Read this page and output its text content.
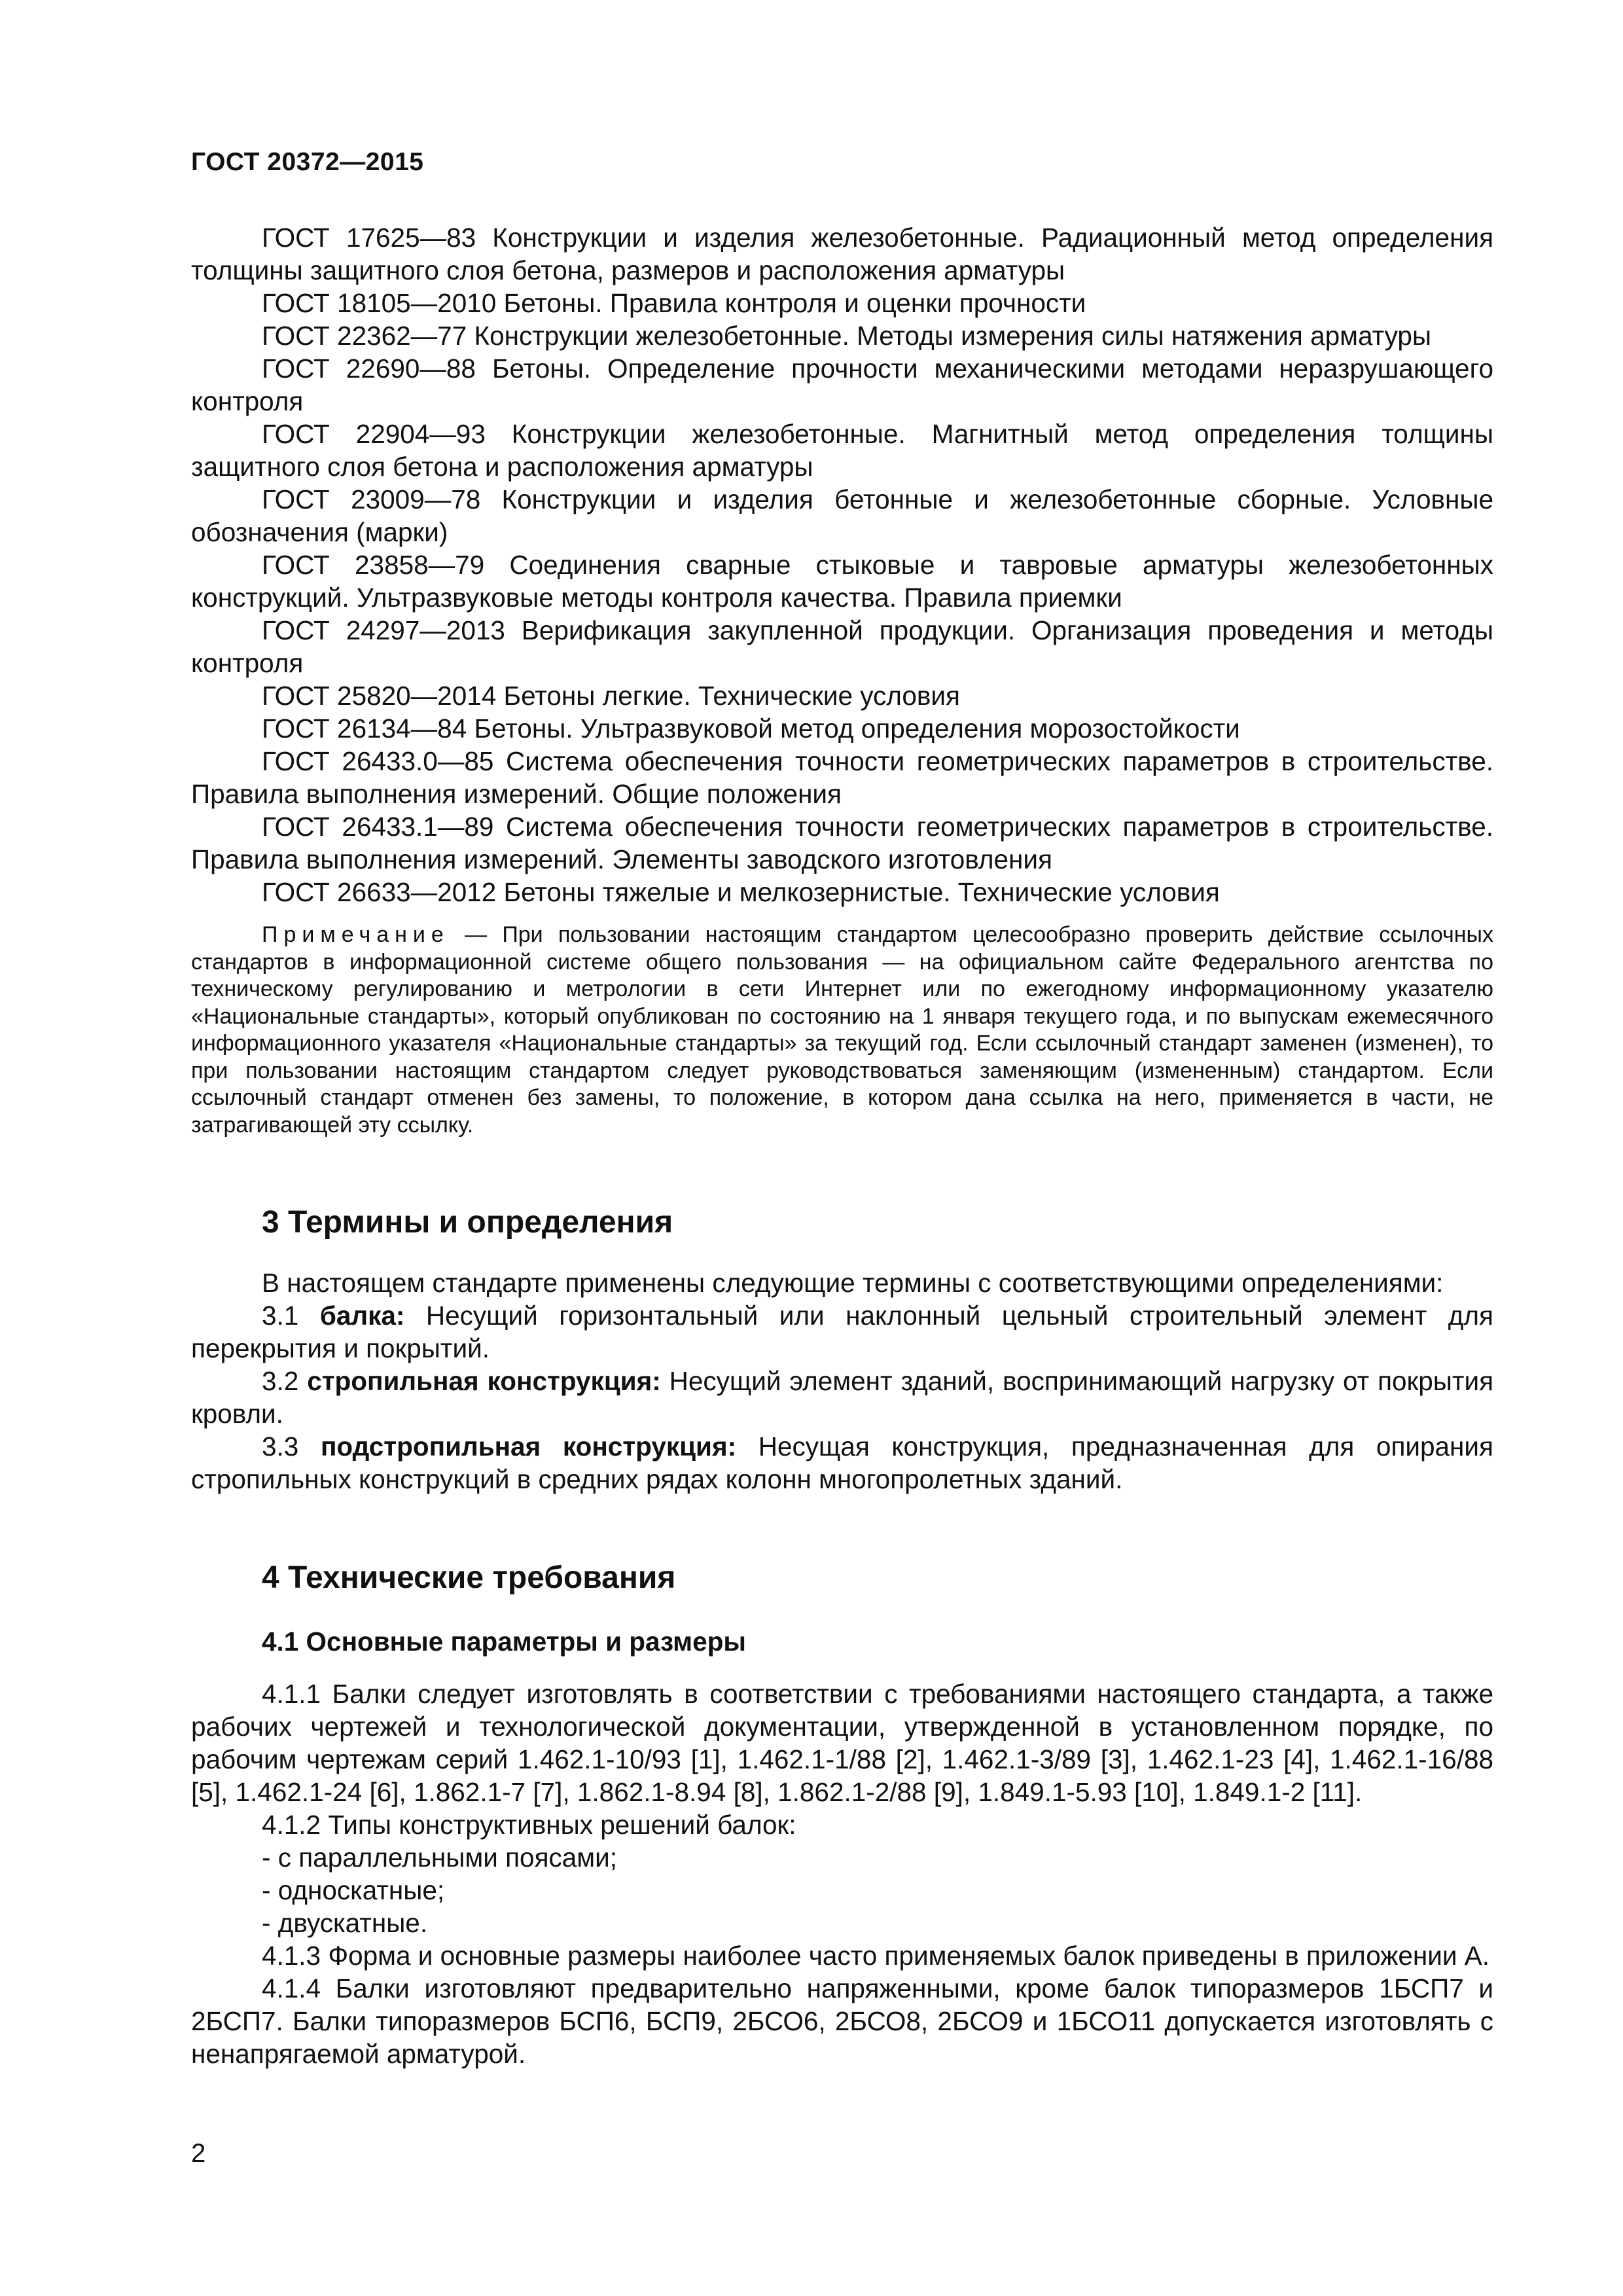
ГОСТ 20372—2015

ГОСТ 17625—83 Конструкции и изделия железобетонные. Радиационный метод определения толщины защитного слоя бетона, размеров и расположения арматуры

ГОСТ 18105—2010 Бетоны. Правила контроля и оценки прочности

ГОСТ 22362—77 Конструкции железобетонные. Методы измерения силы натяжения арматуры

ГОСТ 22690—88 Бетоны. Определение прочности механическими методами неразрушающего контроля

ГОСТ 22904—93 Конструкции железобетонные. Магнитный метод определения толщины защитного слоя бетона и расположения арматуры

ГОСТ 23009—78 Конструкции и изделия бетонные и железобетонные сборные. Условные обозначения (марки)

ГОСТ 23858—79 Соединения сварные стыковые и тавровые арматуры железобетонных конструкций. Ультразвуковые методы контроля качества. Правила приемки

ГОСТ 24297—2013 Верификация закупленной продукции. Организация проведения и методы контроля

ГОСТ 25820—2014 Бетоны легкие. Технические условия

ГОСТ 26134—84 Бетоны. Ультразвуковой метод определения морозостойкости

ГОСТ 26433.0—85 Система обеспечения точности геометрических параметров в строительстве. Правила выполнения измерений. Общие положения

ГОСТ 26433.1—89 Система обеспечения точности геометрических параметров в строительстве. Правила выполнения измерений. Элементы заводского изготовления

ГОСТ 26633—2012 Бетоны тяжелые и мелкозернистые. Технические условия

Примечание — При пользовании настоящим стандартом целесообразно проверить действие ссылочных стандартов в информационной системе общего пользования — на официальном сайте Федерального агентства по техническому регулированию и метрологии в сети Интернет или по ежегодному информационному указателю «Национальные стандарты», который опубликован по состоянию на 1 января текущего года, и по выпускам ежемесячного информационного указателя «Национальные стандарты» за текущий год. Если ссылочный стандарт заменен (изменен), то при пользовании настоящим стандартом следует руководствоваться заменяющим (измененным) стандартом. Если ссылочный стандарт отменен без замены, то положение, в котором дана ссылка на него, применяется в части, не затрагивающей эту ссылку.

3 Термины и определения

В настоящем стандарте применены следующие термины с соответствующими определениями:

3.1 балка: Несущий горизонтальный или наклонный цельный строительный элемент для перекрытия и покрытий.

3.2 стропильная конструкция: Несущий элемент зданий, воспринимающий нагрузку от покрытия кровли.

3.3 подстропильная конструкция: Несущая конструкция, предназначенная для опирания стропильных конструкций в средних рядах колонн многопролетных зданий.

4 Технические требования
4.1 Основные параметры и размеры

4.1.1 Балки следует изготовлять в соответствии с требованиями настоящего стандарта, а также рабочих чертежей и технологической документации, утвержденной в установленном порядке, по рабочим чертежам серий 1.462.1-10/93 [1], 1.462.1-1/88 [2], 1.462.1-3/89 [3], 1.462.1-23 [4], 1.462.1-16/88 [5], 1.462.1-24 [6], 1.862.1-7 [7], 1.862.1-8.94 [8], 1.862.1-2/88 [9], 1.849.1-5.93 [10], 1.849.1-2 [11].

4.1.2 Типы конструктивных решений балок:

- с параллельными поясами;

- односкатные;

- двускатные.

4.1.3 Форма и основные размеры наиболее часто применяемых балок приведены в приложении А.

4.1.4 Балки изготовляют предварительно напряженными, кроме балок типоразмеров 1БСП7 и 2БСП7. Балки типоразмеров БСП6, БСП9, 2БСО6, 2БСО8, 2БСО9 и 1БСО11 допускается изготовлять с ненапрягаемой арматурой.

2
